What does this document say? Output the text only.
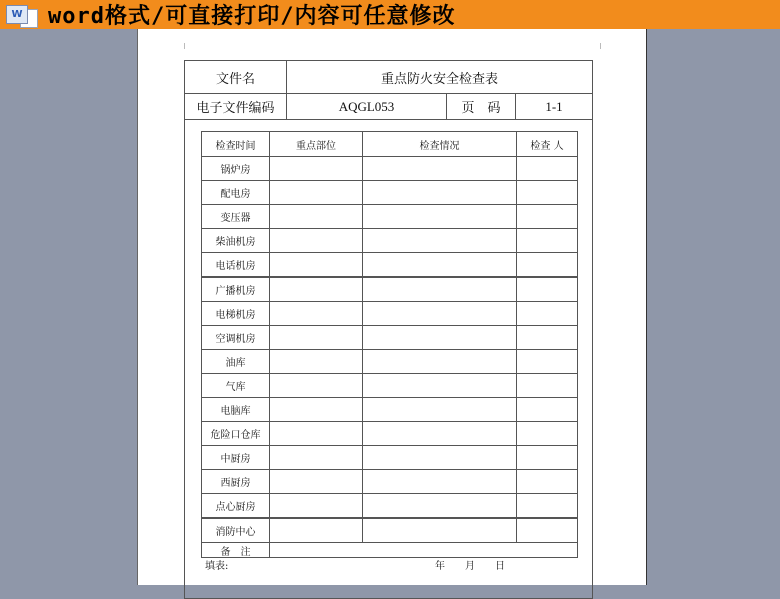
W word格式/可直接打印/内容可任意修改
文件名	重点防火安全检查表
电子文件编码	AQGL053	页　码	1-1
检查时间	重点部位	检查情况	检查 人
锅炉房
配电房
变压器
柴油机房
电话机房
广播机房
电梯机房
空调机房
油库
气库
电脑库
危险口仓库
中厨房
西厨房
点心厨房
消防中心
备　注
填表:	年　　月　　日
